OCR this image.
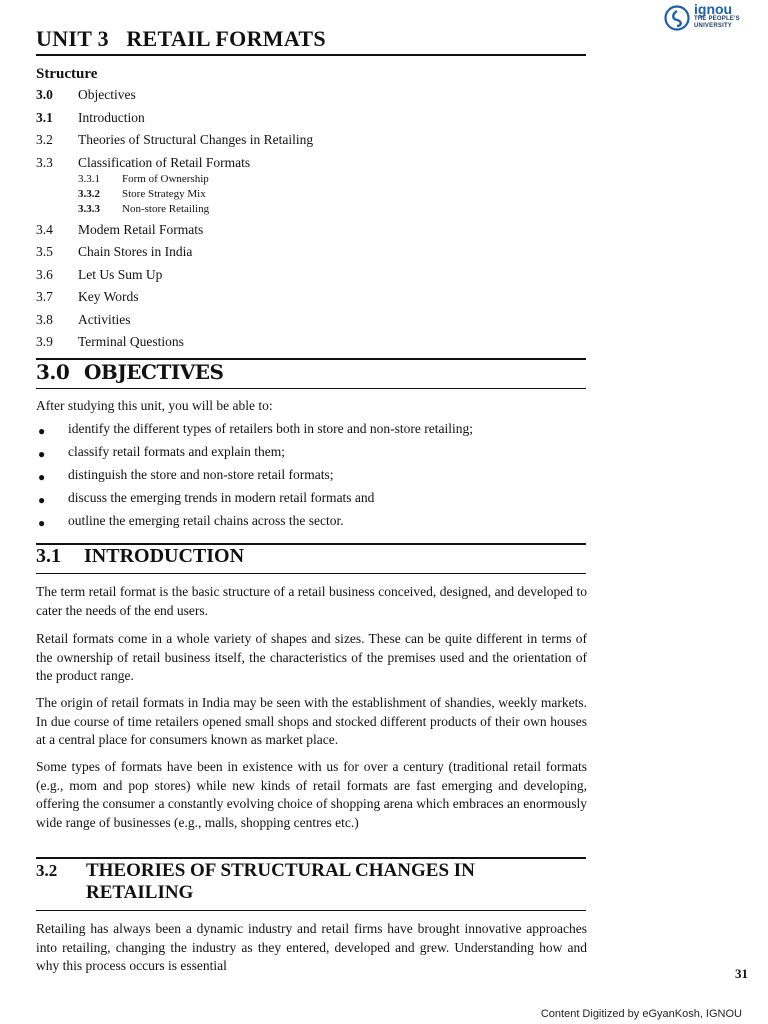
ignou
THE PEOPLE'S
UNIVERSITY
UNIT 3   RETAIL FORMATS
Structure
3.0 Objectives
3.1 Introduction
3.2 Theories of Structural Changes in Retailing
3.3 Classification of Retail Formats
3.3.1 Form of Ownership
3.3.2 Store Strategy Mix
3.3.3 Non-store Retailing
3.4 Modem Retail Formats
3.5 Chain Stores in India
3.6 Let Us Sum Up
3.7 Key Words
3.8 Activities
3.9 Terminal Questions
3.0 OBJECTIVES
After studying this unit, you will be able to:
● identify the different types of retailers both in store and non-store retailing;
● classify retail formats and explain them;
● distinguish the store and non-store retail formats;
● discuss the emerging trends in modern retail formats and
● outline the emerging retail chains across the sector.
3.1 INTRODUCTION
The term retail format is the basic structure of a retail business conceived, designed, and developed to cater the needs of the end users.
Retail formats come in a whole variety of shapes and sizes. These can be quite different in terms of the ownership of retail business itself, the characteristics of the premises used and the orientation of the product range.
The origin of retail formats in India may be seen with the establishment of shandies, weekly markets. In due course of time retailers opened small shops and stocked different products of their own houses at a central place for consumers known as market place.
Some types of formats have been in existence with us for over a century (traditional retail formats (e.g., mom and pop stores) while new kinds of retail formats are fast emerging and developing, offering the consumer a constantly evolving choice of shopping arena which embraces an enormously wide range of businesses (e.g., malls, shopping centres etc.)
3.2 THEORIES OF STRUCTURAL CHANGES IN
RETAILING
Retailing has always been a dynamic industry and retail firms have brought innovative approaches into retailing, changing the industry as they entered, developed and grew. Understanding how and why this process occurs is essential
31
Content Digitized by eGyanKosh, IGNOU
